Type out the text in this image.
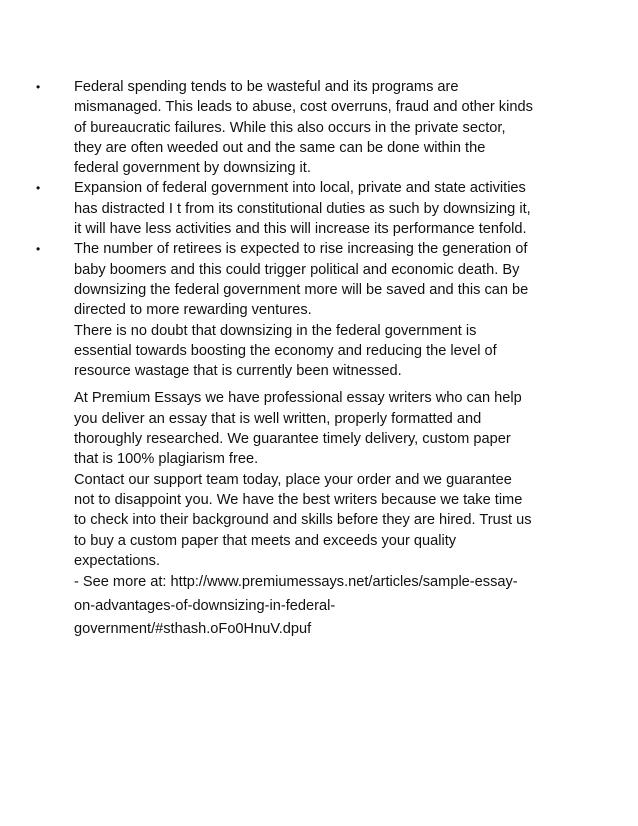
•	Federal spending tends to be wasteful and its programs are
mismanaged. This leads to abuse, cost overruns, fraud and other kinds
of bureaucratic failures. While this also occurs in the private sector,
they are often weeded out and the same can be done within the
federal government by downsizing it.
•	Expansion of federal government into local, private and state activities
has distracted I t from its constitutional duties as such by downsizing it,
it will have less activities and this will increase its performance tenfold.
•	The number of retirees is expected to rise increasing the generation of
baby boomers and this could trigger political and economic death. By
downsizing the federal government more will be saved and this can be
directed to more rewarding ventures.
There is no doubt that downsizing in the federal government is
essential towards boosting the economy and reducing the level of
resource wastage that is currently been witnessed.
At Premium Essays we have professional essay writers who can help
you deliver an essay that is well written, properly formatted and
thoroughly researched. We guarantee timely delivery, custom paper
that is 100% plagiarism free.
Contact our support team today, place your order and we guarantee
not to disappoint you. We have the best writers because we take time
to check into their background and skills before they are hired. Trust us
to buy a custom paper that meets and exceeds your quality
expectations.
- See more at: http://www.premiumessays.net/articles/sample-essay-
on-advantages-of-downsizing-in-federal-
government/#sthash.oFo0HnuV.dpuf
